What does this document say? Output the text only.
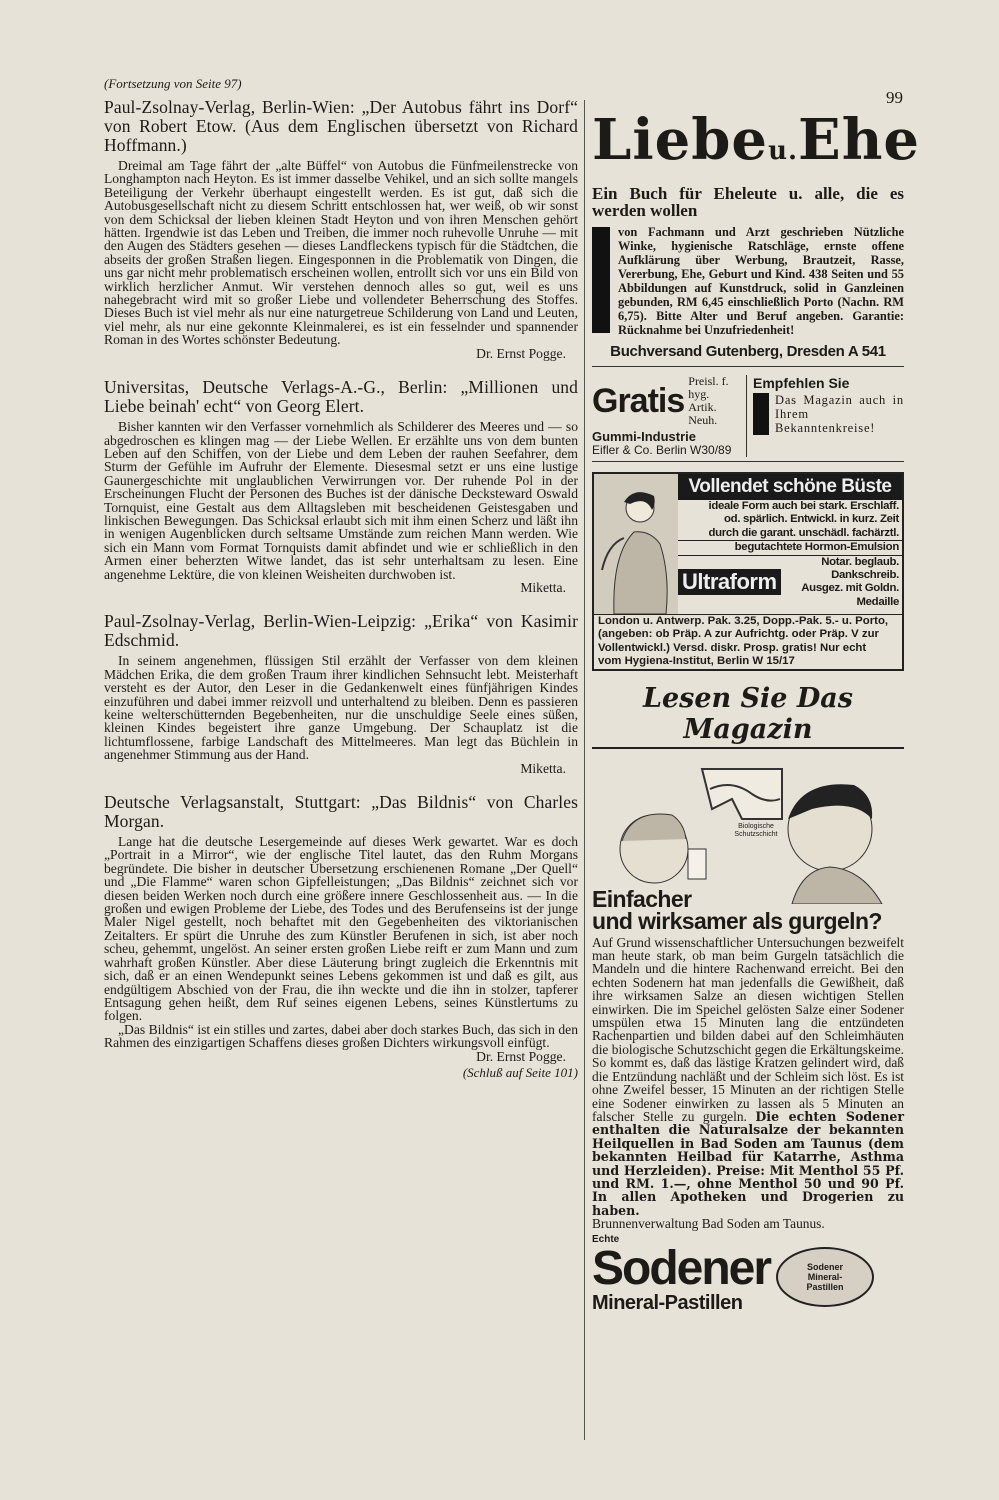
99
(Fortsetzung von Seite 97)
Paul-Zsolnay-Verlag, Berlin-Wien: „Der Autobus fährt ins Dorf“ von Robert Etow. (Aus dem Englischen übersetzt von Richard Hoffmann.)

Dreimal am Tage fährt der „alte Büffel“ von Autobus die Fünfmeilenstrecke von Longhampton nach Heyton. Es ist immer dasselbe Vehikel, und an sich sollte mangels Beteiligung der Verkehr überhaupt eingestellt werden. Es ist gut, daß sich die Autobusgesellschaft nicht zu diesem Schritt entschlossen hat, wer weiß, ob wir sonst von dem Schicksal der lieben kleinen Stadt Heyton und von ihren Menschen gehört hätten. Irgendwie ist das Leben und Treiben, die immer noch ruhevolle Unruhe — mit den Augen des Städters gesehen — dieses Landfleckens typisch für die Städtchen, die abseits der großen Straßen liegen. Eingesponnen in die Problematik von Dingen, die uns gar nicht mehr problematisch erscheinen wollen, entrollt sich vor uns ein Bild von wirklich herzlicher Anmut. Wir verstehen dennoch alles so gut, weil es uns nahegebracht wird mit so großer Liebe und vollendeter Beherrschung des Stoffes. Dieses Buch ist viel mehr als nur eine naturgetreue Schilderung von Land und Leuten, viel mehr, als nur eine gekonnte Kleinmalerei, es ist ein fesselnder und spannender Roman in des Wortes schönster Bedeutung.

Dr. Ernst Pogge.
Universitas, Deutsche Verlags-A.-G., Berlin: „Millionen und Liebe beinah' echt“ von Georg Elert.

Bisher kannten wir den Verfasser vornehmlich als Schilderer des Meeres und — so abgedroschen es klingen mag — der Liebe Wellen. Er erzählte uns von dem bunten Leben auf den Schiffen, von der Liebe und dem Leben der rauhen Seefahrer, dem Sturm der Gefühle im Aufruhr der Elemente. Diesesmal setzt er uns eine lustige Gaunergeschichte mit unglaublichen Verwirrungen vor. Der ruhende Pol in der Erscheinungen Flucht der Personen des Buches ist der dänische Decksteward Oswald Tornquist, eine Gestalt aus dem Alltagsleben mit bescheidenen Geistesgaben und linkischen Bewegungen. Das Schicksal erlaubt sich mit ihm einen Scherz und läßt ihn in wenigen Augenblicken durch seltsame Umstände zum reichen Mann werden. Wie sich ein Mann vom Format Tornquists damit abfindet und wie er schließlich in den Armen einer beherzten Witwe landet, das ist sehr unterhaltsam zu lesen. Eine angenehme Lektüre, die von kleinen Weisheiten durchwoben ist.

Miketta.
Paul-Zsolnay-Verlag, Berlin-Wien-Leipzig: „Erika“ von Kasimir Edschmid.

In seinem angenehmen, flüssigen Stil erzählt der Verfasser von dem kleinen Mädchen Erika, die dem großen Traum ihrer kindlichen Sehnsucht lebt. Meisterhaft versteht es der Autor, den Leser in die Gedankenwelt eines fünfjährigen Kindes einzuführen und dabei immer reizvoll und unterhaltend zu bleiben. Denn es passieren keine welterschütternden Begebenheiten, nur die unschuldige Seele eines süßen, kleinen Kindes begeistert ihre ganze Umgebung. Der Schauplatz ist die lichtumflossene, farbige Landschaft des Mittelmeeres. Man legt das Büchlein in angenehmer Stimmung aus der Hand.

Miketta.
Deutsche Verlagsanstalt, Stuttgart: „Das Bildnis“ von Charles Morgan.

Lange hat die deutsche Lesergemeinde auf dieses Werk gewartet. War es doch „Portrait in a Mirror“, wie der englische Titel lautet, das den Ruhm Morgans begründete. Die bisher in deutscher Übersetzung erschienenen Romane „Der Quell“ und „Die Flamme“ waren schon Gipfelleistungen; „Das Bildnis“ zeichnet sich vor diesen beiden Werken noch durch eine größere innere Geschlossenheit aus. — In die großen und ewigen Probleme der Liebe, des Todes und des Berufenseins ist der junge Maler Nigel gestellt, noch behaftet mit den Gegebenheiten des viktorianischen Zeitalters. Er spürt die Unruhe des zum Künstler Berufenen in sich, ist aber noch scheu, gehemmt, ungelöst. An seiner ersten großen Liebe reift er zum Mann und zum wahrhaft großen Künstler. Aber diese Läuterung bringt zugleich die Erkenntnis mit sich, daß er an einen Wendepunkt seines Lebens gekommen ist und daß es gilt, aus endgültigem Abschied von der Frau, die ihn weckte und die ihn in stolzer, tapferer Entsagung gehen heißt, dem Ruf seines eigenen Lebens, seines Künstlertums zu folgen.

„Das Bildnis“ ist ein stilles und zartes, dabei aber doch starkes Buch, das sich in den Rahmen des einzigartigen Schaffens dieses großen Dichters wirkungsvoll einfügt.

Dr. Ernst Pogge.
(Schluß auf Seite 101)
Liebeu.Ehe
Ein Buch für Eheleute u. alle, die es werden wollen
von Fachmann und Arzt geschrieben Nützliche Winke, hygienische Ratschläge, ernste offene Aufklärung über Werbung, Brautzeit, Rasse, Vererbung, Ehe, Geburt und Kind. 438 Seiten und 55 Abbildungen auf Kunstdruck, solid in Ganzleinen gebunden, RM 6,45 einschließlich Porto (Nachn. RM 6,75). Bitte Alter und Beruf angeben. Garantie: Rücknahme bei Unzufriedenheit!
Buchversand Gutenberg, Dresden A 541
Gratis
Preisl. f. hyg.
Artik. Neuh.
Gummi-Industrie
Eifler & Co. Berlin W30/89
Empfehlen Sie
Das Magazin auch in Ihrem Bekanntenkreise!
Vollendet schöne Büste
ideale Form auch bei stark. Erschlaff.
od. spärlich. Entwickl. in kurz. Zeit
durch die garant. unschädl. fachärztl.
begutachtete Hormon-Emulsion
Ultraform
Notar. beglaub. Dankschreib.
Ausgez. mit Goldn. Medaille
London u. Antwerp. Pak. 3.25, Dopp.-Pak. 5.- u. Porto,
(angeben: ob Präp. A zur Aufrichtg. oder Präp. V zur
Vollentwickl.) Versd. diskr. Prosp. gratis! Nur echt
vom Hygiena-Institut, Berlin W 15/17
Lesen Sie Das Magazin
Biologische Schutzschicht
Einfacher
und wirksamer als gurgeln?
Auf Grund wissenschaftlicher Untersuchungen bezweifelt man heute stark, ob man beim Gurgeln tatsächlich die Mandeln und die hintere Rachenwand erreicht. Bei den echten Sodenern hat man jedenfalls die Gewißheit, daß ihre wirksamen Salze an diesen wichtigen Stellen einwirken. Die im Speichel gelösten Salze einer Sodener umspülen etwa 15 Minuten lang die entzündeten Rachenpartien und bilden dabei auf den Schleimhäuten die biologische Schutzschicht gegen die Erkältungskeime. So kommt es, daß das lästige Kratzen gelindert wird, daß die Entzündung nachläßt und der Schleim sich löst. Es ist ohne Zweifel besser, 15 Minuten an der richtigen Stelle eine Sodener einwirken zu lassen als 5 Minuten an falscher Stelle zu gurgeln. Die echten Sodener enthalten die Naturalsalze der bekannten Heilquellen in Bad Soden am Taunus (dem bekannten Heilbad für Katarrhe, Asthma und Herzleiden). Preise: Mit Menthol 55 Pf. und RM. 1.—, ohne Menthol 50 und 90 Pf. In allen Apotheken und Drogerien zu haben.
Brunnenverwaltung Bad Soden am Taunus.
Echte
Sodener
Mineral-Pastillen
Sodener Mineral-Pastillen
